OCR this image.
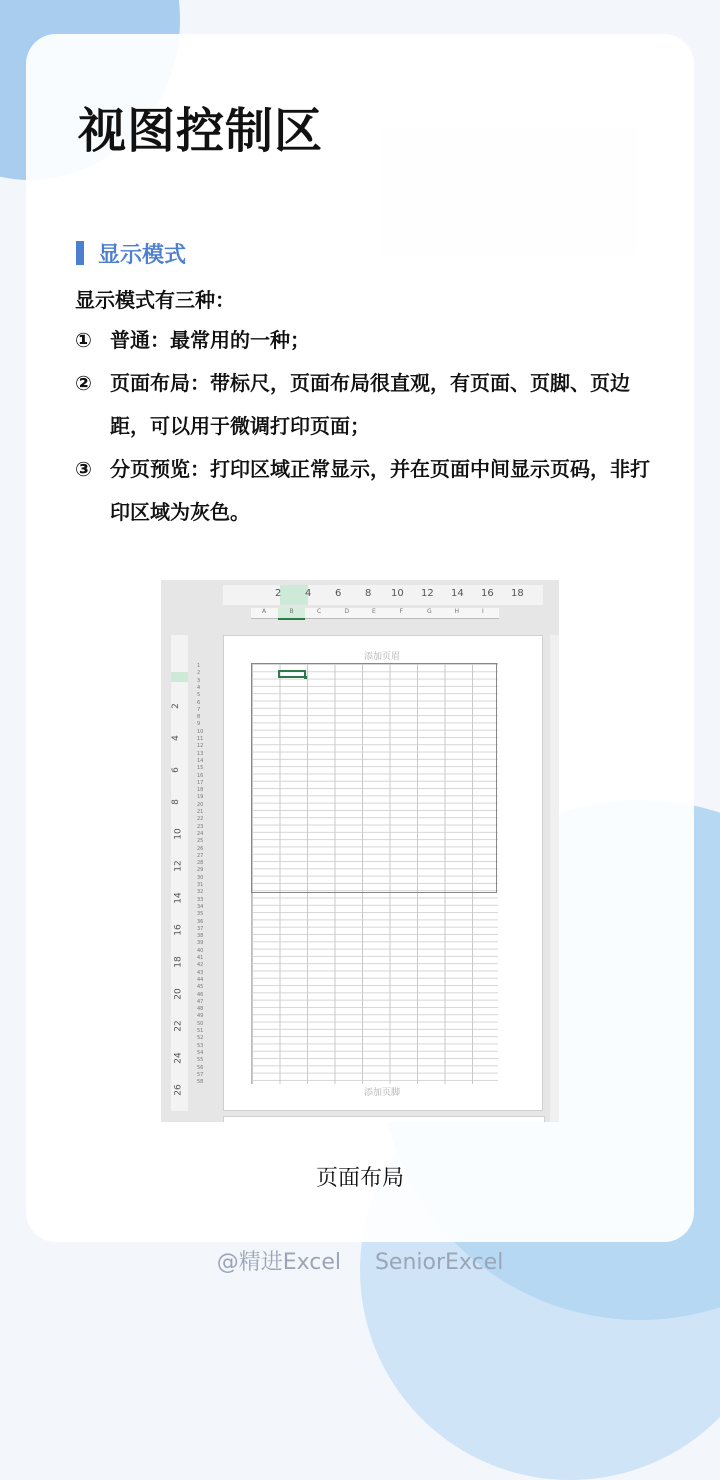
视图控制区
显示模式
显示模式有三种：
① 普通：最常用的一种；
② 页面布局：带标尺，页面布局很直观，有页面、页脚、页边距，可以用于微调打印页面；
③ 分页预览：打印区域正常显示，并在页面中间显示页码，非打印区域为灰色。
2 4 6 8 10 12 14 16 18
A	B	C	D	E	F	G	H	I
2
4
6
8
10
12
14
16
18
20
22
24
26
添加页眉
添加页脚
1
2
3
4
5
6
7
8
9
10
11
12
13
14
15
16
17
18
19
20
21
22
23
24
25
26
27
28
29
30
31
32
33
34
35
36
37
38
39
40
41
42
43
44
45
46
47
48
49
50
51
52
53
54
55
56
57
58
页面布局
@精进Excel SeniorExcel
